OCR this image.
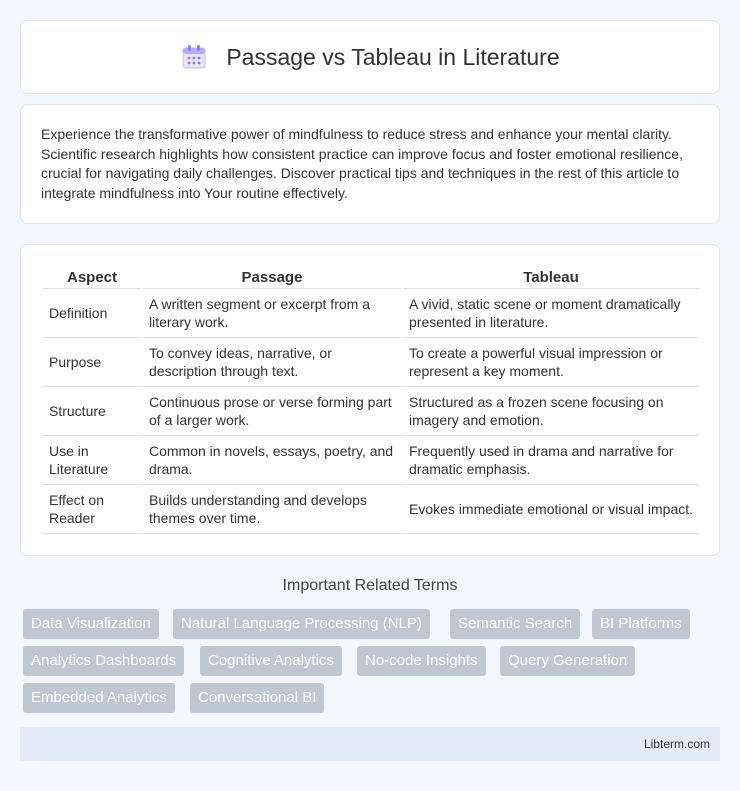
Passage vs Tableau in Literature

Experience the transformative power of mindfulness to reduce stress and enhance your mental clarity. Scientific research highlights how consistent practice can improve focus and foster emotional resilience, crucial for navigating daily challenges. Discover practical tips and techniques in the rest of this article to integrate mindfulness into Your routine effectively.

Aspect	Passage	Tableau
Definition	A written segment or excerpt from a literary work.	A vivid, static scene or moment dramatically presented in literature.
Purpose	To convey ideas, narrative, or description through text.	To create a powerful visual impression or represent a key moment.
Structure	Continuous prose or verse forming part of a larger work.	Structured as a frozen scene focusing on imagery and emotion.
Use in Literature	Common in novels, essays, poetry, and drama.	Frequently used in drama and narrative for dramatic emphasis.
Effect on Reader	Builds understanding and develops themes over time.	Evokes immediate emotional or visual impact.
Important Related Terms
Data Visualization	Natural Language Processing (NLP)	Semantic Search	BI Platforms
Analytics Dashboards	Cognitive Analytics	No-code Insights	Query Generation
Embedded Analytics	Conversational BI
Libterm.com
